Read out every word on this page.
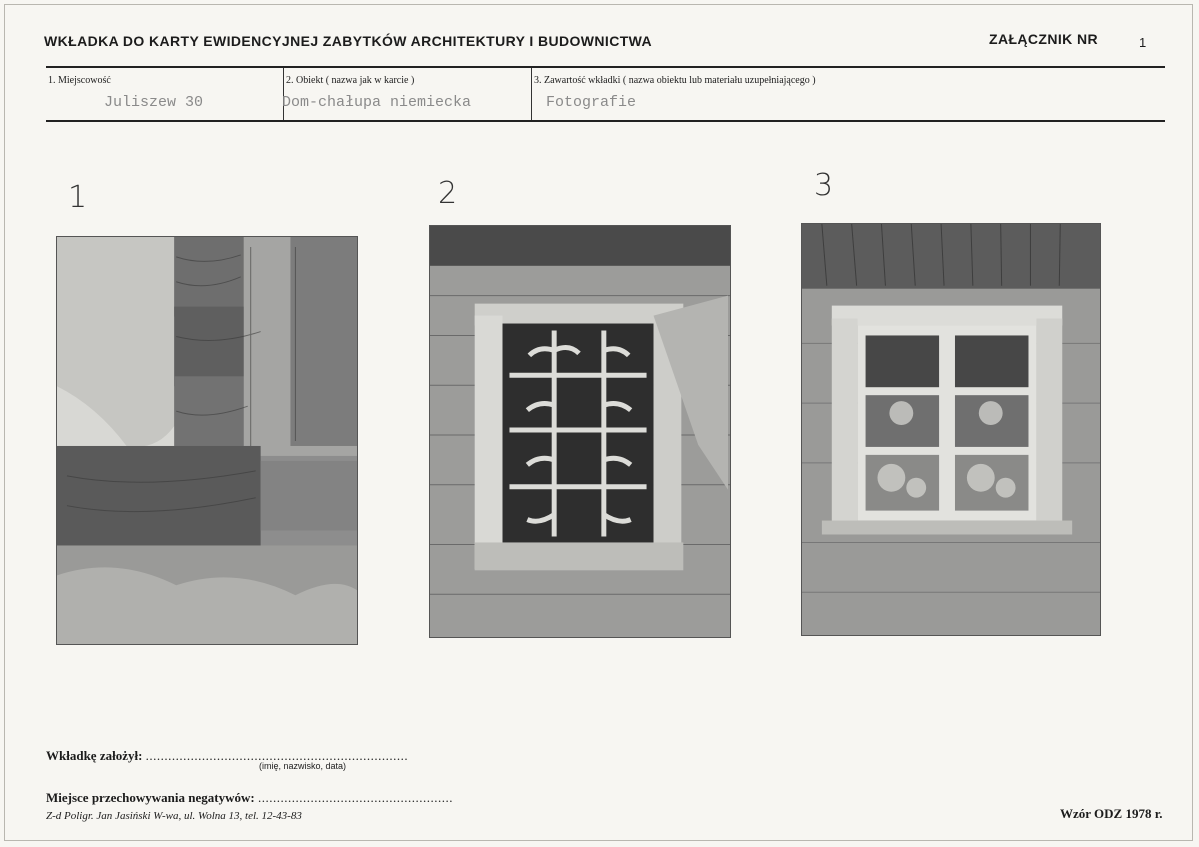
WKŁADKA DO KARTY EWIDENCYJNEJ ZABYTKÓW ARCHITEKTURY I BUDOWNICTWA	ZAŁĄCZNIK NR	1
1. Miejscowość
Juliszew 30
2. Obiekt ( nazwa jak w karcie )
Dom-chałupa niemiecka
3. Zawartość wkładki ( nazwa obiektu lub materiału uzupełniającego )
Fotografie
1	2	3
Wkładkę założył: ......................................................................
(imię, nazwisko, data)
Miejsce przechowywania negatywów: ....................................................
Z-d Poligr. Jan Jasiński W-wa, ul. Wolna 13, tel. 12-43-83	Wzór ODZ 1978 r.
